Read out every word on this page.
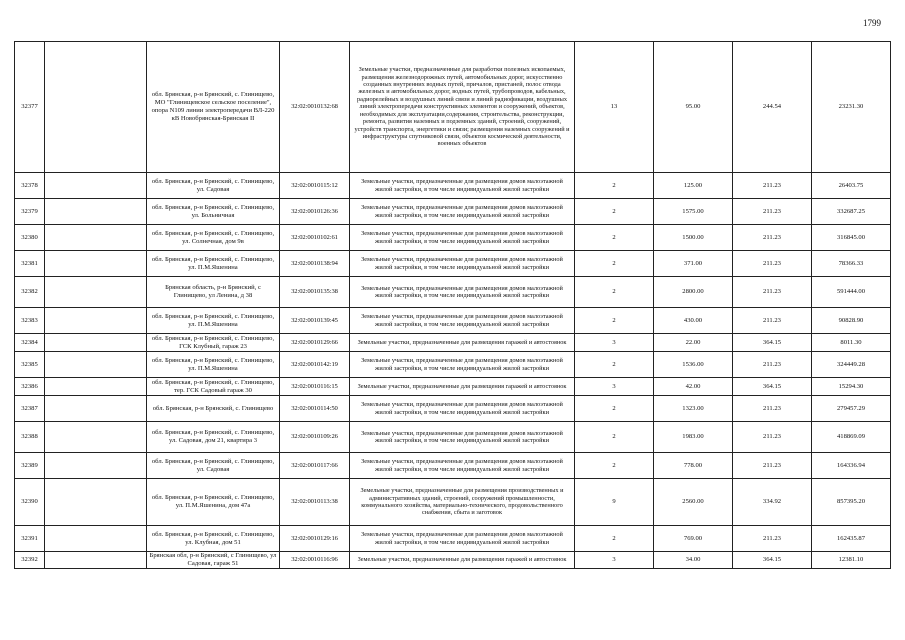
1799
32377		обл. Брянская, р-н Брянский, с. Глинищево, МО "Глинищевское сельское поселение", опора N109 линии электропередачи ВЛ-220 кВ Новобрянская-Брянская II	32:02:0010132:68	Земельные участки, предназначенные для разработки полезных ископаемых, размещения железнодорожных путей, автомобильных дорог, искусственно созданных внутренних водных путей, причалов, пристаней, полос отвода железных и автомобильных дорог, водных путей, трубопроводов, кабельных, радиорелейных и воздушных линий связи и линий радиофикации, воздушных линий электропередачи конструктивных элементов и сооружений, объектов, необходимых для эксплуатации,содержания, строительства, реконструкции, ремонта, развития наземных и подземных зданий, строений, сооружений, устройств транспорта, энергетики и связи; размещения наземных сооружений и инфраструктуры спутниковой связи, объектов космической деятельности, военных объектов	13	95.00	244.54	23231.30
32378		обл. Брянская, р-н Брянский, с. Глинищево, ул. Садовая	32:02:0010115:12	Земельные участки, предназначенные для размещения домов малоэтажной жилой застройки, в том числе индивидуальной жилой застройки	2	125.00	211.23	26403.75
32379		обл. Брянская, р-н Брянский, с. Глинищево, ул. Больничная	32:02:0010126:36	Земельные участки, предназначенные для размещения домов малоэтажной жилой застройки, в том числе индивидуальной жилой застройки	2	1575.00	211.23	332687.25
32380		обл. Брянская, р-н Брянский, с. Глинищево, ул. Солнечная, дом 9в	32:02:0010102:61	Земельные участки, предназначенные для размещения домов малоэтажной жилой застройки, в том числе индивидуальной жилой застройки	2	1500.00	211.23	316845.00
32381		обл. Брянская, р-н Брянский, с. Глинищево, ул. П.М.Яшенина	32:02:0010138:94	Земельные участки, предназначенные для размещения домов малоэтажной жилой застройки, в том числе индивидуальной жилой застройки	2	371.00	211.23	78366.33
32382		Брянская область, р-н Брянский, с Глинищево, ул Ленина, д 38	32:02:0010135:38	Земельные участки, предназначенные для размещения домов малоэтажной жилой застройки, в том числе индивидуальной жилой застройки	2	2800.00	211.23	591444.00
32383		обл. Брянская, р-н Брянский, с. Глинищево, ул. П.М.Яшенина	32:02:0010139:45	Земельные участки, предназначенные для размещения домов малоэтажной жилой застройки, в том числе индивидуальной жилой застройки	2	430.00	211.23	90828.90
32384		обл. Брянская, р-н Брянский, с. Глинищево, ГСК Клубный, гараж 23	32:02:0010129:66	Земельные участки, предназначенные для размещения гаражей и автостоянок	3	22.00	364.15	8011.30
32385		обл. Брянская, р-н Брянский, с. Глинищево, ул. П.М.Яшенина	32:02:0010142:19	Земельные участки, предназначенные для размещения домов малоэтажной жилой застройки, в том числе индивидуальной жилой застройки	2	1536.00	211.23	324449.28
32386		обл. Брянская, р-н Брянский, с. Глинищево, тер. ГСК Садовый гараж 30	32:02:0010116:15	Земельные участки, предназначенные для размещения гаражей и автостоянок	3	42.00	364.15	15294.30
32387		обл. Брянская, р-н Брянский, с. Глинищево	32:02:0010114:50	Земельные участки, предназначенные для размещения домов малоэтажной жилой застройки, в том числе индивидуальной жилой застройки	2	1323.00	211.23	279457.29
32388		обл. Брянская, р-н Брянский, с. Глинищево, ул. Садовая, дом 21, квартира 3	32:02:0010109:26	Земельные участки, предназначенные для размещения домов малоэтажной жилой застройки, в том числе индивидуальной жилой застройки	2	1983.00	211.23	418869.09
32389		обл. Брянская, р-н Брянский, с. Глинищево, ул. Садовая	32:02:0010117:66	Земельные участки, предназначенные для размещения домов малоэтажной жилой застройки, в том числе индивидуальной жилой застройки	2	778.00	211.23	164336.94
32390		обл. Брянская, р-н Брянский, с. Глинищево, ул. П.М.Яшенина, дом 47а	32:02:0010113:38	Земельные участки, предназначенные для размещения производственных и административных зданий, строений, сооружений промышленности, коммунального хозяйства, материально-технического, продовольственного снабжения, сбыта и заготовок	9	2560.00	334.92	857395.20
32391		обл. Брянская, р-н Брянский, с. Глинищево, ул. Клубная, дом 51	32:02:0010129:16	Земельные участки, предназначенные для размещения домов малоэтажной жилой застройки, в том числе индивидуальной жилой застройки	2	769.00	211.23	162435.87
32392		Брянская обл, р-н Брянский, с Глинищево, ул Садовая, гараж 51	32:02:0010116:96	Земельные участки, предназначенные для размещения гаражей и автостоянок	3	34.00	364.15	12381.10
